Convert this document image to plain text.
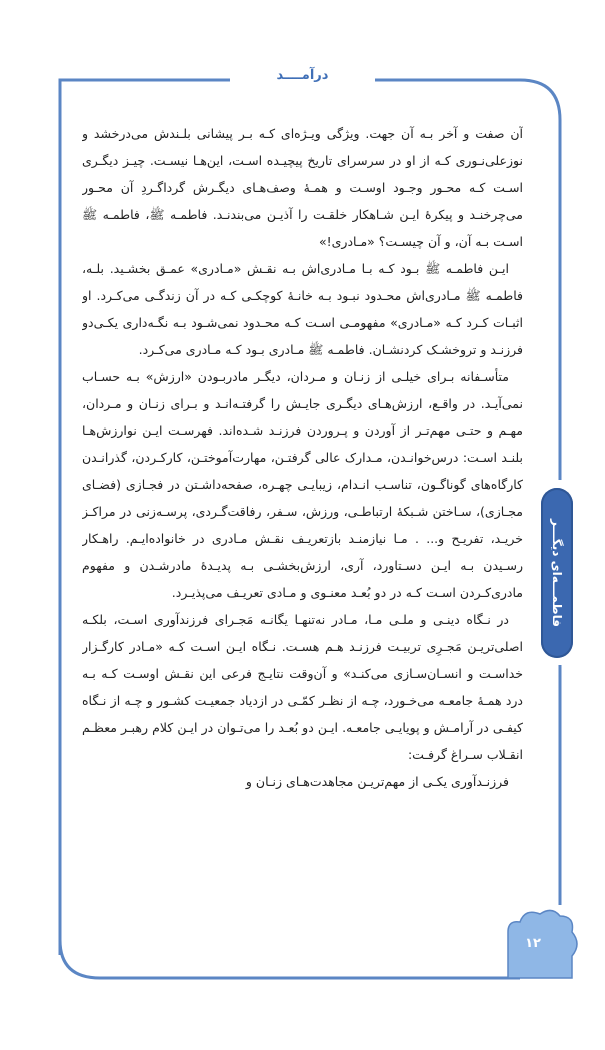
درآمــــد

آن صفت و آخر بـه آن جهت. ویژگی ویـژه‌ای کـه بـر پیشانی بلـندش می‌درخشد و نوزعلی‌نـوری کـه از او در سرسرای تاریخ پیچیـده اسـت، این‌هـا نیسـت. چیـز دیگـری اسـت کـه محـور وجـود اوسـت و همـۀ وصف‌هـای دیگـرش گرداگـردِ آن محـور می‌چرخنـد و پیکرۀ ایـن شـاهکار خلقـت را آذیـن می‌بندنـد. فاطمـه ﷺ، فاطمـه ﷺ اسـت بـه آن، و آن چیسـت؟ «مـادری!»

ایـن فاطمـه ﷺ بـود کـه بـا مـادری‌اش بـه نقـش «مـادری» عمـق بخشـید. بلـه، فاطمـه ﷺ مـادری‌اش محـدود نبـود بـه خانـۀ کوچکـی کـه در آن زندگـی می‌کـرد. او اثبـات کـرد کـه «مـادری» مفهومـی اسـت کـه محـدود نمی‌شـود بـه نگـه‌داری یکـی‌دو فرزنـد و تروخشـک کردنشـان. فاطمـه ﷺ مـادری بـود کـه مـادری می‌کـرد.

متأسـفانه بـرای خیلـی از زنـان و مـردان، دیگـر مادربـودن «ارزش» بـه حسـاب نمی‌آیـد. در واقـع، ارزش‌هـای دیگـری جایـش را گرفتـه‌انـد و بـرای زنـان و مـردان، مهـم و حتـی مهم‌تـر از آوردن و پـروردن فرزنـد شـده‌اند. فهرسـت ایـن نوارزش‌هـا بلنـد اسـت: درس‌خوانـدن، مـدارک عالی گرفتـن، مهارت‌آموختـن، کارکـردن، گذرانـدن کارگاه‌های گوناگـون، تناسـب انـدام، زیبایـی چهـره، صفحه‌داشـتن در فجـازی (فضـای مجـازی)، سـاختن شـبکۀ ارتباطـی، ورزش، سـفر، رفاقت‌گـردی، پرسـه‌زنی در مراکـز خریـد، تفریـح و... . مـا نیازمنـد بازتعریـف نقـش مـادری در خانواده‌ایـم. راهـکار رسـیدن بـه ایـن دسـتاورد، آری، ارزش‌بخشـی بـه پدیـدۀ مادرشـدن و مفهوم مادری‌کـردن اسـت کـه در دو بُعـد معنـوی و مـادی تعریـف می‌پذیـرد.

در نـگاه دینـی و ملـی مـا، مـادر نه‌تنهـا یگانـه مَجـرای فرزندآوری اسـت، بلکـه اصلی‌تریـن مَجـرِی تربیـت فرزنـد هـم هسـت. نـگاه ایـن اسـت کـه «مـادر کارگـزار خداسـت و انسـان‌سـازی می‌کنـد» و آن‌وقت نتایـج فرعی این نقـش اوسـت کـه بـه درد همـۀ جامعـه می‌خـورد، چـه از نظـر کمّـی در ازدیاد جمعیـت کشـور و چـه از نـگاه کیفـی در آرامـش و پویایـی جامعـه. ایـن دو بُعـد را می‌تـوان در ایـن کلام رهبـر معظـم انقـلاب سـراغ گرفـت:

فرزنـدآوری یکـی از مهم‌تریـن مجاهدت‌هـای زنـان و

فاطمـــه‌ای دیگـــر
۱۲
